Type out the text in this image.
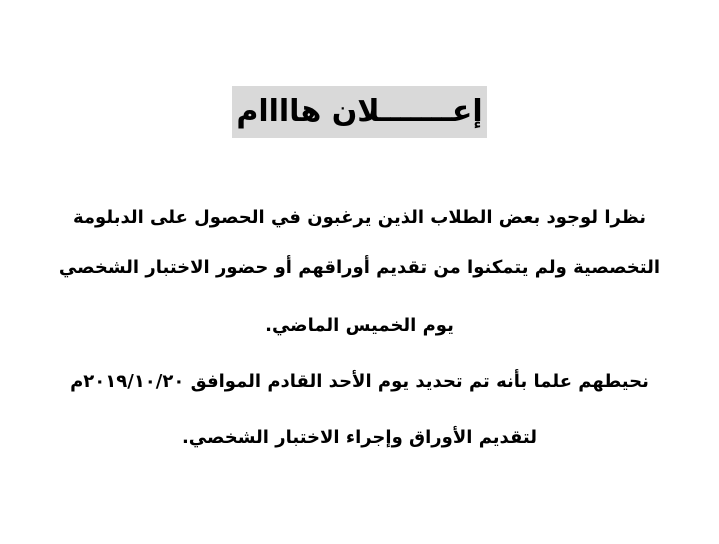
إعـــــــلان هاااام
نظرا لوجود بعض الطلاب الذين يرغبون في الحصول على الدبلومة
التخصصية ولم يتمكنوا من تقديم أوراقهم أو حضور الاختبار الشخصي
يوم الخميس الماضي.
نحيطهم علما بأنه تم تحديد يوم الأحد القادم الموافق ٢٠١٩/١٠/٢٠م
لتقديم الأوراق وإجراء الاختبار الشخصي.
